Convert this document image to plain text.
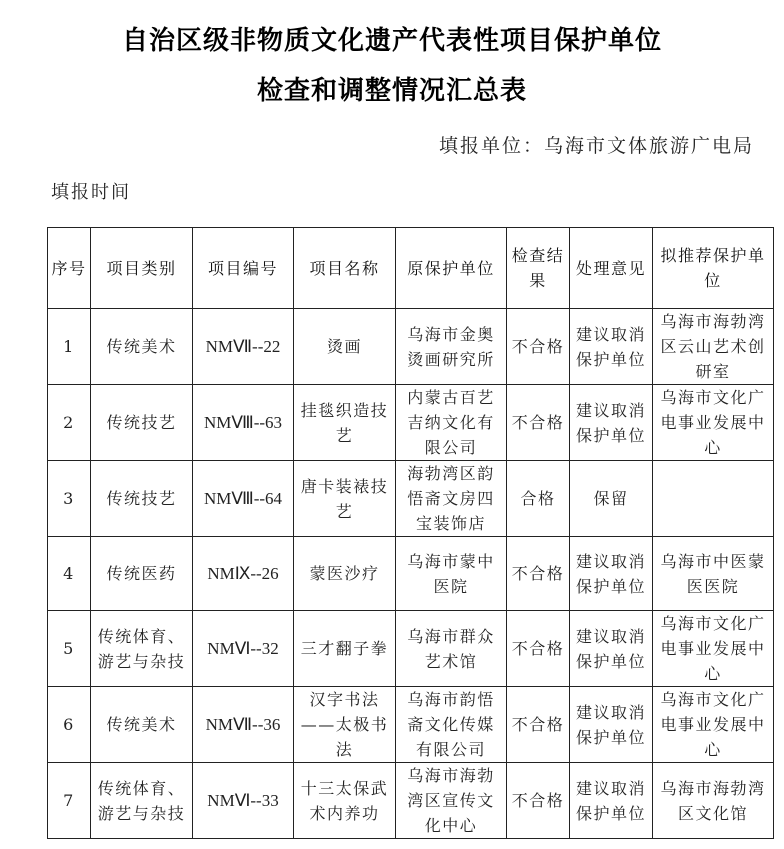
自治区级非物质文化遗产代表性项目保护单位
检查和调整情况汇总表
填报单位：乌海市文体旅游广电局
填报时间
序号	项目类别	项目编号	项目名称	原保护单位	检查结果	处理意见	拟推荐保护单位
1	传统美术	NMⅦ--22	烫画	乌海市金奥烫画研究所	不合格	建议取消保护单位	乌海市海勃湾区云山艺术创研室
2	传统技艺	NMⅧ--63	挂毯织造技艺	内蒙古百艺吉纳文化有限公司	不合格	建议取消保护单位	乌海市文化广电事业发展中心
3	传统技艺	NMⅧ--64	唐卡装裱技艺	海勃湾区韵悟斋文房四宝装饰店	合格	保留	
4	传统医药	NMⅨ--26	蒙医沙疗	乌海市蒙中医院	不合格	建议取消保护单位	乌海市中医蒙医医院
5	传统体育、游艺与杂技	NMⅥ--32	三才翻子拳	乌海市群众艺术馆	不合格	建议取消保护单位	乌海市文化广电事业发展中心
6	传统美术	NMⅦ--36	汉字书法——太极书法	乌海市韵悟斋文化传媒有限公司	不合格	建议取消保护单位	乌海市文化广电事业发展中心
7	传统体育、游艺与杂技	NMⅥ--33	十三太保武术内养功	乌海市海勃湾区宣传文化中心	不合格	建议取消保护单位	乌海市海勃湾区文化馆
